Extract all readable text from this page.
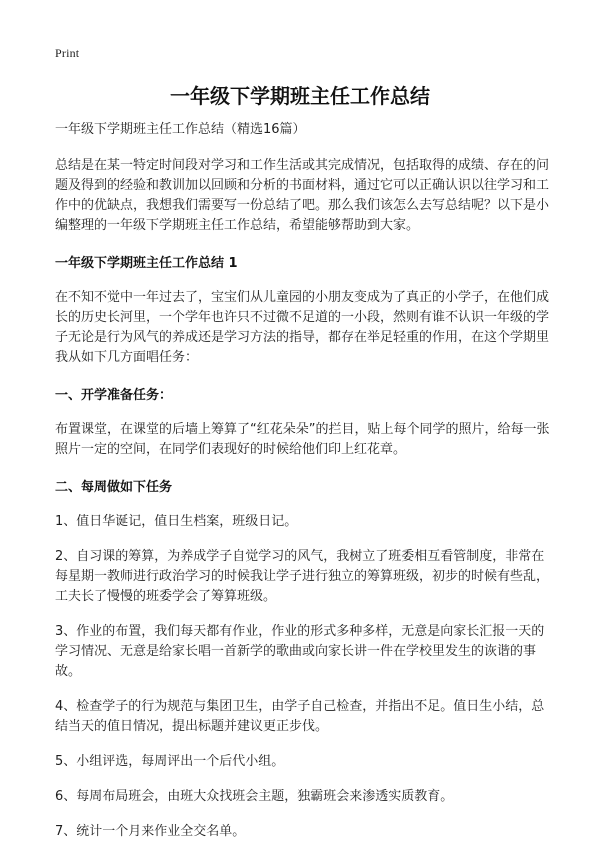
Print
一年级下学期班主任工作总结

一年级下学期班主任工作总结（精选16篇）

总结是在某一特定时间段对学习和工作生活或其完成情况，包括取得的成绩、存在的问题及得到的经验和教训加以回顾和分析的书面材料，通过它可以正确认识以往学习和工作中的优缺点，我想我们需要写一份总结了吧。那么我们该怎么去写总结呢？以下是小编整理的一年级下学期班主任工作总结，希望能够帮助到大家。

一年级下学期班主任工作总结 1

在不知不觉中一年过去了，宝宝们从儿童园的小朋友变成为了真正的小学子，在他们成长的历史长河里，一个学年也许只不过微不足道的一小段，然则有谁不认识一年级的学子无论是行为风气的养成还是学习方法的指导，都存在举足轻重的作用，在这个学期里我从如下几方面唱任务：

一、开学准备任务：

布置课堂，在课堂的后墙上筹算了“红花朵朵”的拦目，贴上每个同学的照片，给每一张照片一定的空间，在同学们表现好的时候给他们印上红花章。

二、每周做如下任务

1、值日华诞记，值日生档案，班级日记。

2、自习课的筹算，为养成学子自觉学习的风气，我树立了班委相互看管制度，非常在每星期一教师进行政治学习的时候我让学子进行独立的筹算班级，初步的时候有些乱，工夫长了慢慢的班委学会了筹算班级。

3、作业的布置，我们每天都有作业，作业的形式多种多样，无意是向家长汇报一天的学习情况、无意是给家长唱一首新学的歌曲或向家长讲一件在学校里发生的诙谐的事故。

4、检查学子的行为规范与集团卫生，由学子自己检查，并指出不足。值日生小结，总结当天的值日情况，提出标题并建议更正步伐。

5、小组评选，每周评出一个后代小组。

6、每周布局班会，由班大众找班会主题，独霸班会来渗透实质教育。

7、统计一个月来作业全交名单。
